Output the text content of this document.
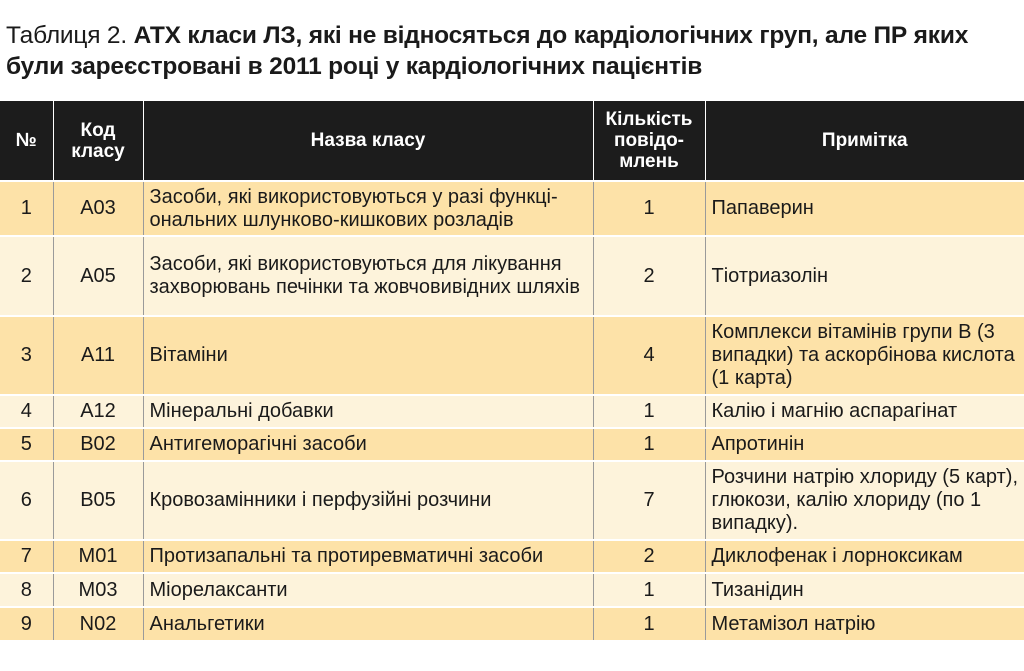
Таблиця 2. АТХ класи ЛЗ, які не відносяться до кардіологічних груп, але ПР яких були зареєстровані в 2011 році у кардіологічних пацієнтів
№	Код класу	Назва класу	Кількість повідо-млень	Примітка
1	A03	Засоби, які використовуються у разі функці-ональних шлунково-кишкових розладів	1	Папаверин
2	A05	Засоби, які використовуються для лікування захворювань печінки та жовчовивідних шляхів	2	Тіотриазолін
3	A11	Вітаміни	4	Комплекси вітамінів групи В (3 випадки) та аскорбінова кислота (1 карта)
4	A12	Мінеральні добавки	1	Калію і магнію аспарагінат
5	B02	Антигеморагічні засоби	1	Апротинін
6	B05	Кровозамінники і перфузійні розчини	7	Розчини натрію хлориду (5 карт), глюкози, калію хлориду (по 1 випадку).
7	M01	Протизапальні та протиревматичні засоби	2	Диклофенак і лорноксикам
8	M03	Міорелаксанти	1	Тизанідин
9	N02	Анальгетики	1	Метамізол натрію
